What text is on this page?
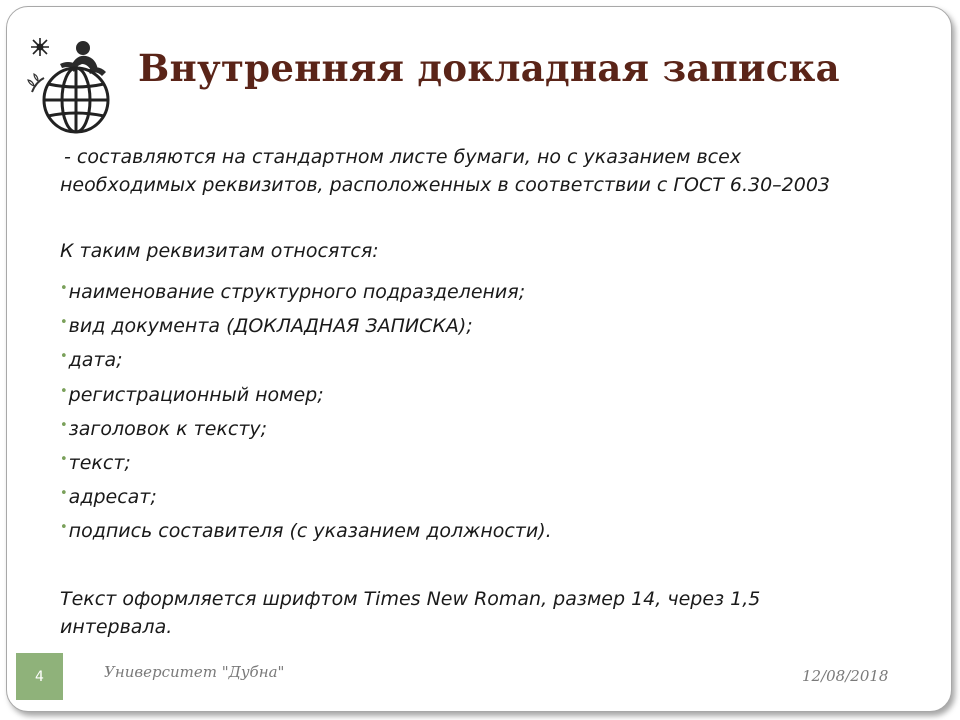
Внутренняя докладная записка
- составляются на стандартном листе бумаги, но с указанием всех
необходимых реквизитов, расположенных в соответствии с ГОСТ 6.30–2003
К таким реквизитам относятся:
•наименование структурного подразделения;
•вид документа (ДОКЛАДНАЯ ЗАПИСКА);
•дата;
•регистрационный номер;
•заголовок к тексту;
•текст;
•адресат;
•подпись составителя (с указанием должности).
Текст оформляется шрифтом Times New Roman, размер 14, через 1,5
интервала.
4	Университет "Дубна"	12/08/2018
